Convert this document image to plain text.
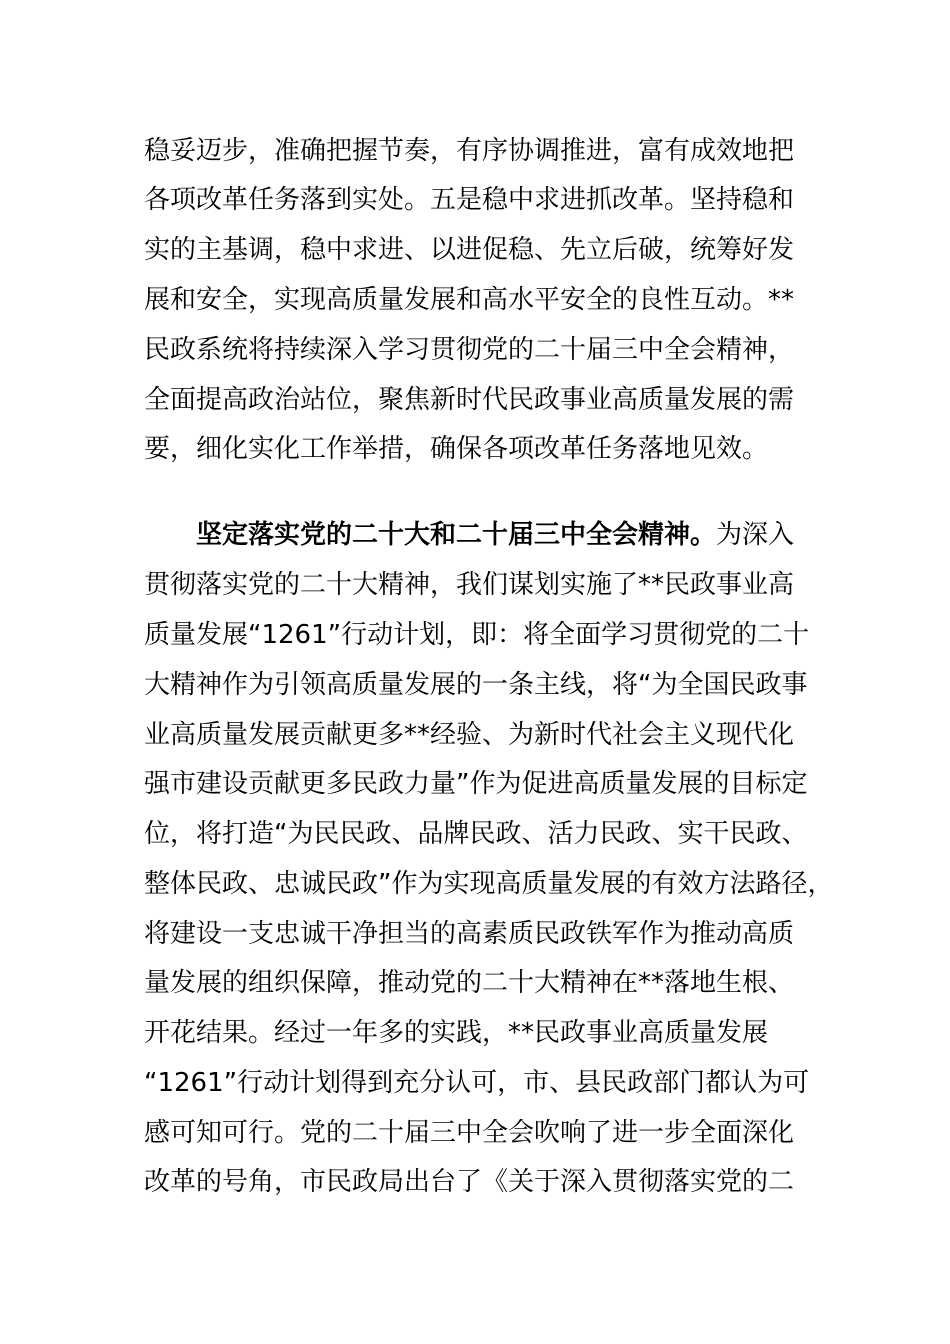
稳妥迈步，准确把握节奏，有序协调推进，富有成效地把
各项改革任务落到实处。五是稳中求进抓改革。坚持稳和
实的主基调，稳中求进、以进促稳、先立后破，统筹好发
展和安全，实现高质量发展和高水平安全的良性互动。**
民政系统将持续深入学习贯彻党的二十届三中全会精神，
全面提高政治站位，聚焦新时代民政事业高质量发展的需
要，细化实化工作举措，确保各项改革任务落地见效。
坚定落实党的二十大和二十届三中全会精神。为深入
贯彻落实党的二十大精神，我们谋划实施了**民政事业高
质量发展“1261”行动计划，即：将全面学习贯彻党的二十
大精神作为引领高质量发展的一条主线，将“为全国民政事
业高质量发展贡献更多**经验、为新时代社会主义现代化
强市建设贡献更多民政力量”作为促进高质量发展的目标定
位，将打造“为民民政、品牌民政、活力民政、实干民政、
整体民政、忠诚民政”作为实现高质量发展的有效方法路径，
将建设一支忠诚干净担当的高素质民政铁军作为推动高质
量发展的组织保障，推动党的二十大精神在**落地生根、
开花结果。经过一年多的实践，**民政事业高质量发展
“1261”行动计划得到充分认可，市、县民政部门都认为可
感可知可行。党的二十届三中全会吹响了进一步全面深化
改革的号角，市民政局出台了《关于深入贯彻落实党的二
